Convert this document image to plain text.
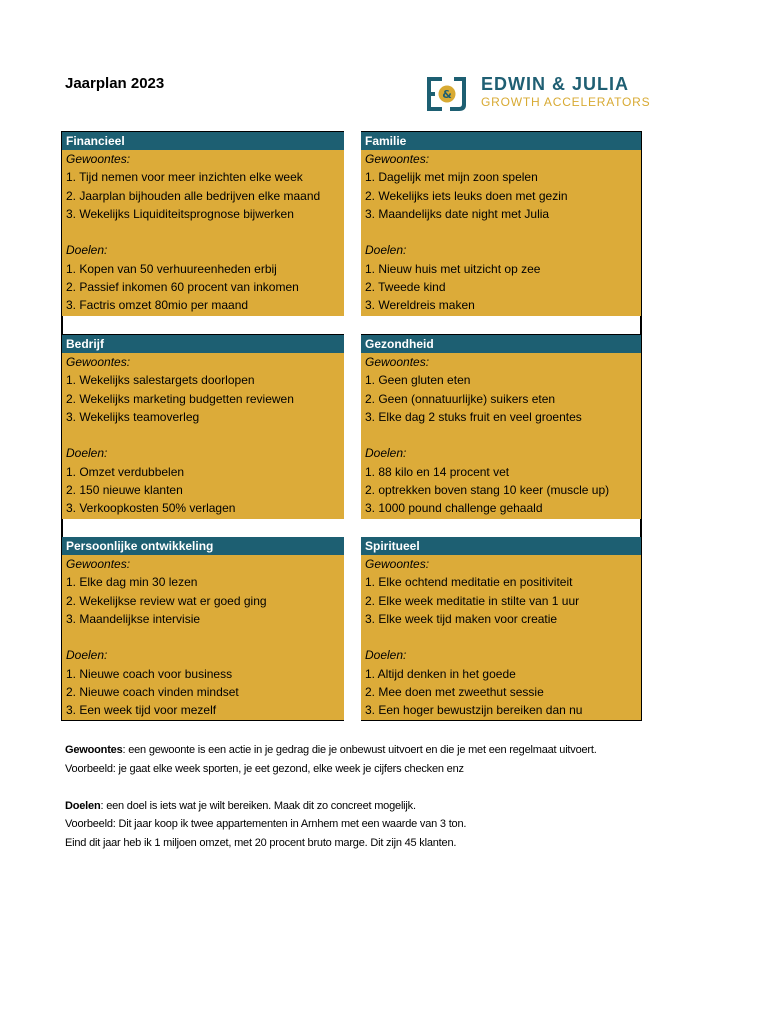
Jaarplan 2023
&
EDWIN & JULIA
GROWTH ACCELERATORS
Financieel
Gewoontes:
1. Tijd nemen voor meer inzichten elke week
2. Jaarplan bijhouden alle bedrijven elke maand
3. Wekelijks Liquiditeitsprognose bijwerken
Doelen:
1. Kopen van 50 verhuureenheden erbij
2. Passief inkomen 60 procent van inkomen
3. Factris omzet 80mio per maand
Familie
Gewoontes:
1. Dagelijk met mijn zoon spelen
2. Wekelijks iets leuks doen met gezin
3. Maandelijks date night met Julia
Doelen:
1. Nieuw huis met uitzicht op zee
2. Tweede kind
3. Wereldreis maken
Bedrijf
Gewoontes:
1. Wekelijks salestargets doorlopen
2. Wekelijks marketing budgetten reviewen
3. Wekelijks teamoverleg
Doelen:
1. Omzet verdubbelen
2. 150 nieuwe klanten
3. Verkoopkosten 50% verlagen
Gezondheid
Gewoontes:
1. Geen gluten eten
2. Geen (onnatuurlijke) suikers eten
3. Elke dag 2 stuks fruit en veel groentes
Doelen:
1. 88 kilo en 14 procent vet
2. optrekken boven stang 10 keer (muscle up)
3. 1000 pound challenge gehaald
Persoonlijke ontwikkeling
Gewoontes:
1. Elke dag min 30 lezen
2. Wekelijkse review wat er goed ging
3. Maandelijkse intervisie
Doelen:
1. Nieuwe coach voor business
2. Nieuwe coach vinden mindset
3. Een week tijd voor mezelf
Spiritueel
Gewoontes:
1. Elke ochtend meditatie en positiviteit
2. Elke week meditatie in stilte van 1 uur
3. Elke week tijd maken voor creatie
Doelen:
1. Altijd denken in het goede
2. Mee doen met zweethut sessie
3. Een hoger bewustzijn bereiken dan nu

Gewoontes: een gewoonte is een actie in je gedrag die je onbewust uitvoert en die je met een regelmaat uitvoert.

Voorbeeld: je gaat elke week sporten, je eet gezond, elke week je cijfers checken enz

Doelen: een doel is iets wat je wilt bereiken. Maak dit zo concreet mogelijk.

Voorbeeld: Dit jaar koop ik twee appartementen in Arnhem met een waarde van 3 ton.

Eind dit jaar heb ik 1 miljoen omzet, met 20 procent bruto marge. Dit zijn 45 klanten.
